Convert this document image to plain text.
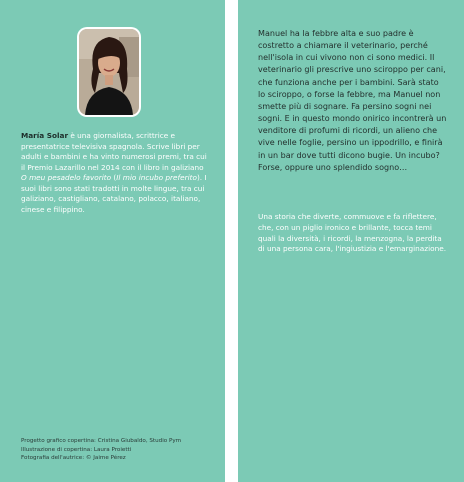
María Solar è una giornalista, scrittrice e presentatrice televisiva spagnola. Scrive libri per adulti e bambini e ha vinto numerosi premi, tra cui il Premio Lazarillo nel 2014 con il libro in galiziano O meu pesadelo favorito (Il mio incubo preferito). I suoi libri sono stati tradotti in molte lingue, tra cui galiziano, castigliano, catalano, polacco, italiano, cinese e filippino.

Progetto grafico copertina: Cristina Giubaldo, Studio Pym
Illustrazione di copertina: Laura Proietti
Fotografia dell'autrice: © Jaime Pérez

Manuel ha la febbre alta e suo padre è costretto a chiamare il veterinario, perché nell'isola in cui vivono non ci sono medici. Il veterinario gli prescrive uno sciroppo per cani, che funziona anche per i bambini. Sarà stato lo sciroppo, o forse la febbre, ma Manuel non smette più di sognare. Fa persino sogni nei sogni. E in questo mondo onirico incontrerà un venditore di profumi di ricordi, un alieno che vive nelle foglie, persino un ippodrillo, e finirà in un bar dove tutti dicono bugie. Un incubo? Forse, oppure uno splendido sogno…

Una storia che diverte, commuove e fa riflettere, che, con un piglio ironico e brillante, tocca temi quali la diversità, i ricordi, la menzogna, la perdita di una persona cara, l'ingiustizia e l'emarginazione.
